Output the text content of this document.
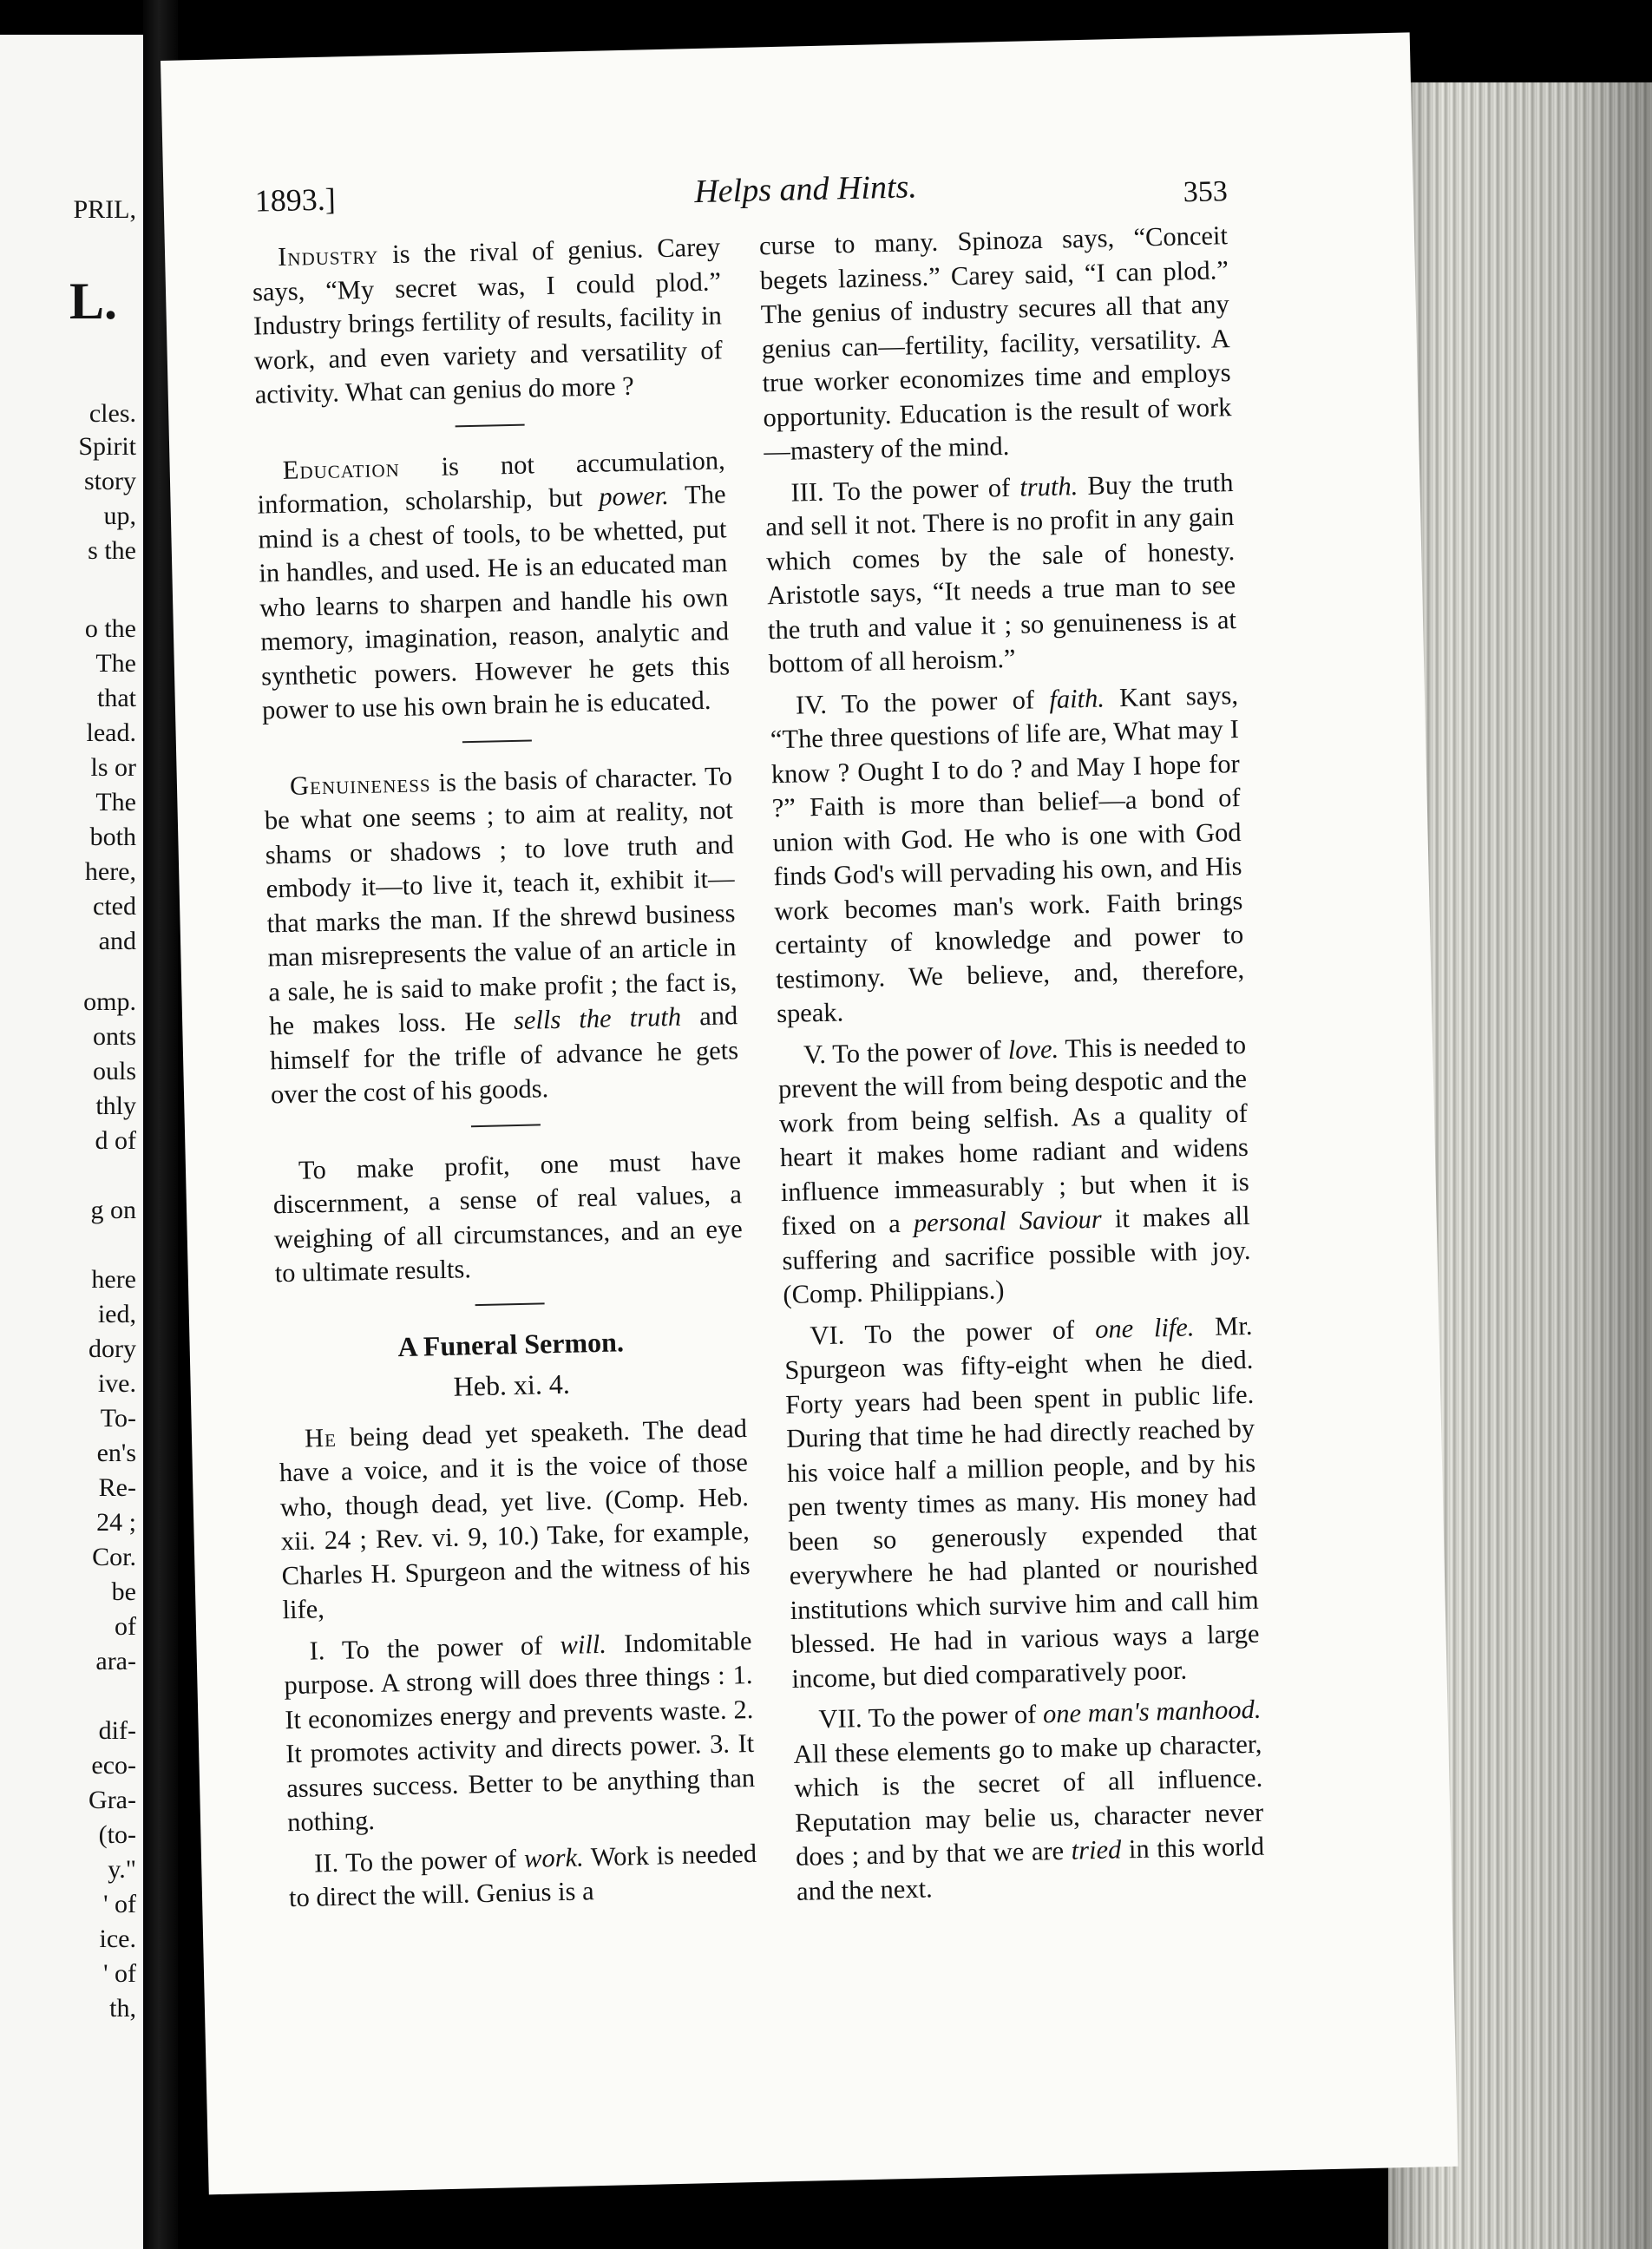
PRIL,
L.
cles.
Spirit
story
up,
s the
o the
The
that
lead.
ls or
The
both
here,
cted
and
omp.
onts
ouls
thly
d of
g on
here
ied,
dory
ive.
To-
en's
Re-
24 ;
Cor.
be
of
ara-
dif-
eco-
Gra-
(to-
y."
' of
ice.
' of
th,
1893.]	Helps and Hints.	353

Industry is the rival of genius. Carey says, “My secret was, I could plod.” Industry brings fertility of results, facility in work, and even variety and versatility of activity. What can genius do more ?

Education is not accumulation, information, scholarship, but power. The mind is a chest of tools, to be whetted, put in handles, and used. He is an educated man who learns to sharpen and handle his own memory, imagination, reason, analytic and synthetic powers. However he gets this power to use his own brain he is educated.

Genuineness is the basis of character. To be what one seems ; to aim at reality, not shams or shadows ; to love truth and embody it—to live it, teach it, exhibit it—that marks the man. If the shrewd business man misrepresents the value of an article in a sale, he is said to make profit ; the fact is, he makes loss. He sells the truth and himself for the trifle of advance he gets over the cost of his goods.

To make profit, one must have discernment, a sense of real values, a weighing of all circumstances, and an eye to ultimate results.

A Funeral Sermon.
Heb. xi. 4.

He being dead yet speaketh. The dead have a voice, and it is the voice of those who, though dead, yet live. (Comp. Heb. xii. 24 ; Rev. vi. 9, 10.) Take, for example, Charles H. Spurgeon and the witness of his life,

I. To the power of will. Indomitable purpose. A strong will does three things : 1. It economizes energy and prevents waste. 2. It promotes activity and directs power. 3. It assures success. Better to be anything than nothing.

II. To the power of work. Work is needed to direct the will. Genius is a

curse to many. Spinoza says, “Conceit begets laziness.” Carey said, “I can plod.” The genius of industry secures all that any genius can—fertility, facility, versatility. A true worker economizes time and employs opportunity. Education is the result of work—mastery of the mind.

III. To the power of truth. Buy the truth and sell it not. There is no profit in any gain which comes by the sale of honesty. Aristotle says, “It needs a true man to see the truth and value it ; so genuineness is at bottom of all heroism.”

IV. To the power of faith. Kant says, “The three questions of life are, What may I know ? Ought I to do ? and May I hope for ?” Faith is more than belief—a bond of union with God. He who is one with God finds God's will pervading his own, and His work becomes man's work. Faith brings certainty of knowledge and power to testimony. We believe, and, therefore, speak.

V. To the power of love. This is needed to prevent the will from being despotic and the work from being selfish. As a quality of heart it makes home radiant and widens influence immeasurably ; but when it is fixed on a personal Saviour it makes all suffering and sacrifice possible with joy. (Comp. Philippians.)

VI. To the power of one life. Mr. Spurgeon was fifty-eight when he died. Forty years had been spent in public life. During that time he had directly reached by his voice half a million people, and by his pen twenty times as many. His money had been so generously expended that everywhere he had planted or nourished institutions which survive him and call him blessed. He had in various ways a large income, but died comparatively poor.

VII. To the power of one man's manhood. All these elements go to make up character, which is the secret of all influence. Reputation may belie us, character never does ; and by that we are tried in this world and the next.
